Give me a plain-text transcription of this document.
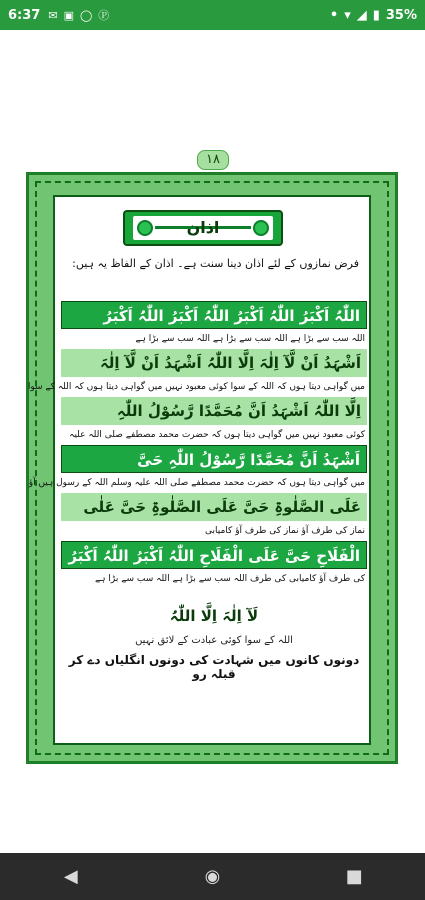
6:37 ✉ ▣ ◯ Ⓟ	• ▾ ◢ ▮ 35%
۱۸
اذان
فرض نمازوں کے لئے اذان دینا سنت ہے۔ اذان کے الفاظ یہ ہیں:
اللّٰہُ اَکْبَرُ اللّٰہُ اَکْبَرُ اللّٰہُ اَکْبَرُ اللّٰہُ اَکْبَرُ
اللہ سب سے بڑا ہے اللہ سب سے بڑا ہے اللہ سب سے بڑا ہے
اَشْہَدُ اَنْ لَّآ اِلٰہَ اِلَّا اللّٰہُ اَشْہَدُ اَنْ لَّآ اِلٰہَ
میں گواہی دیتا ہوں کہ اللہ کے سوا کوئی معبود نہیں میں گواہی دیتا ہوں کہ اللہ کے سوا
اِلَّا اللّٰہُ اَشْہَدُ اَنَّ مُحَمَّدًا رَّسُوْلُ اللّٰہِ
کوئی معبود نہیں میں گواہی دیتا ہوں کہ حضرت محمد مصطفے صلی اللہ علیہ
اَشْہَدُ اَنَّ مُحَمَّدًا رَّسُوْلُ اللّٰہِ حَیَّ
میں گواہی دیتا ہوں کہ حضرت محمد مصطفے صلی اللہ علیہ وسلم اللہ کے رسول ہیں آؤ
عَلَی الصَّلٰوۃِ حَیَّ عَلَی الصَّلٰوۃِ حَیَّ عَلٰی
نماز کی طرف آؤ نماز کی طرف آؤ کامیابی
الْفَلَاحِ حَیَّ عَلَی الْفَلَاحِ اللّٰہُ اَکْبَرُ اللّٰہُ اَکْبَرُ
کی طرف آؤ کامیابی کی طرف اللہ سب سے بڑا ہے اللہ سب سے بڑا ہے
لَآ اِلٰہَ اِلَّا اللّٰہُ
اللہ کے سوا کوئی عبادت کے لائق نہیں
دونوں کانوں میں شہادت کی دونوں انگلیاں دے کر قبلہ رو
◀	◉	■
